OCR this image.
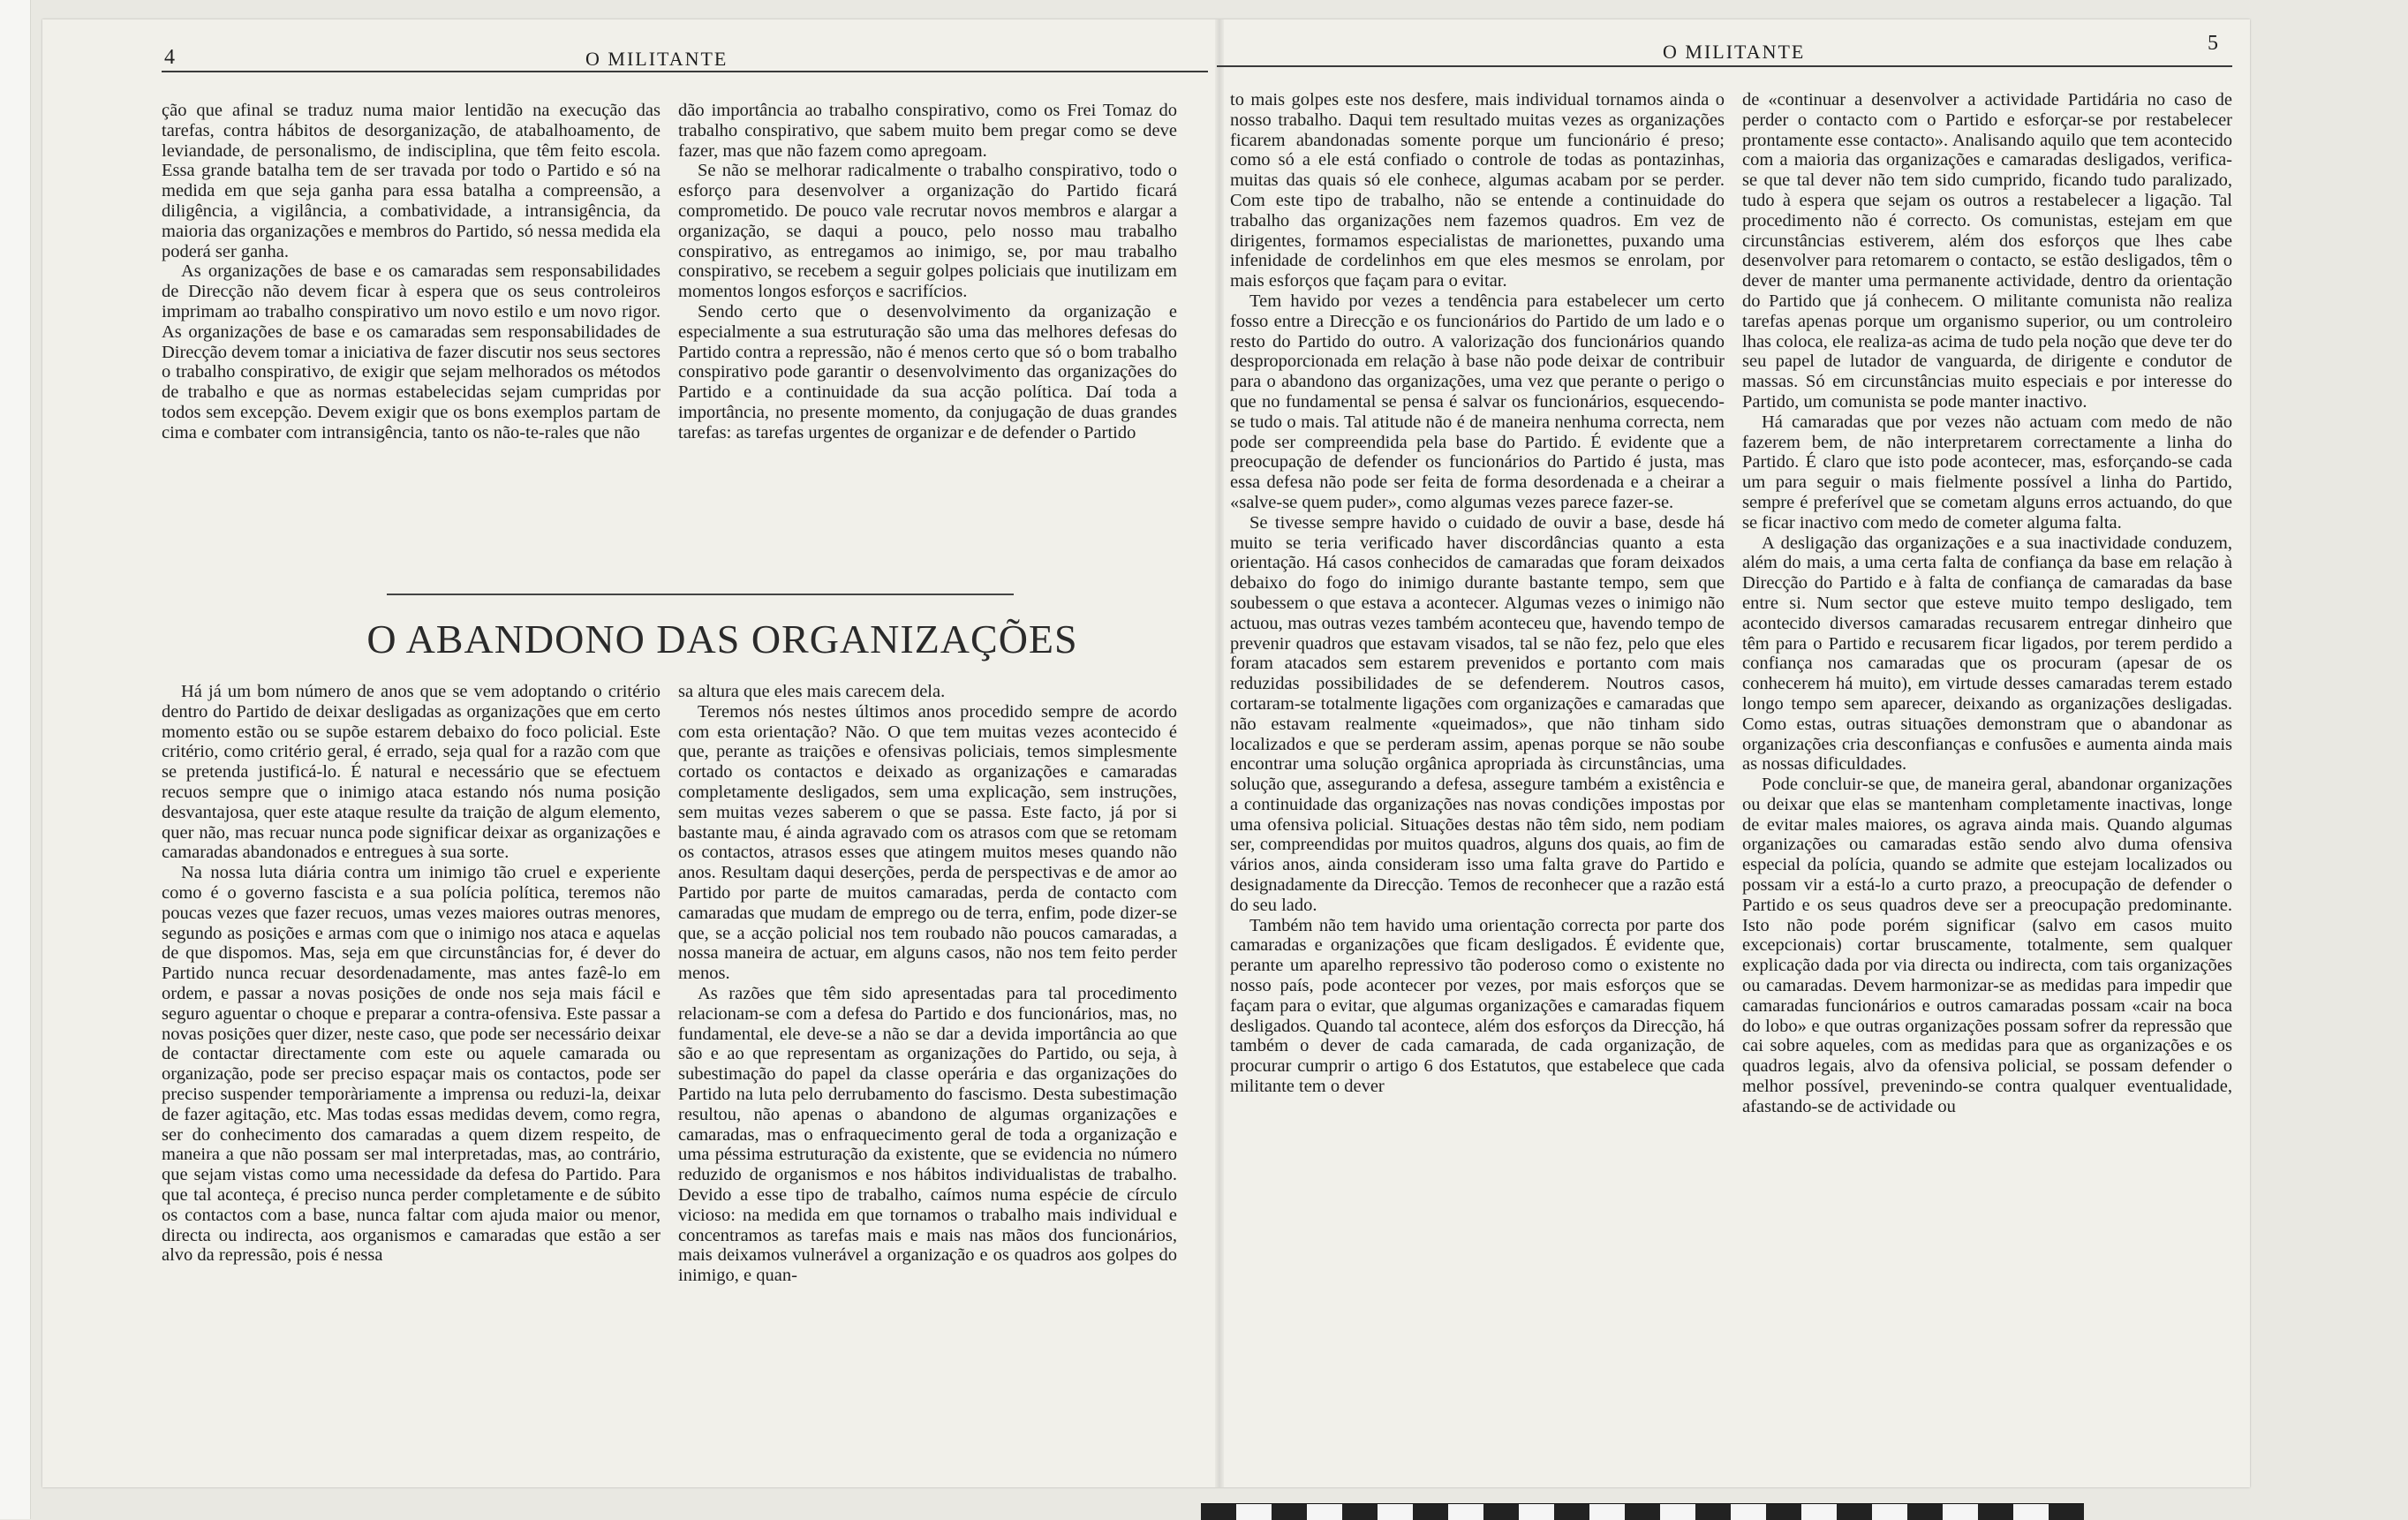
4	O MILITANTE	O MILITANTE	5

ção que afinal se traduz numa maior lentidão na execução das tarefas, contra hábitos de desorganização, de atabalhoamento, de leviandade, de personalismo, de indisciplina, que têm feito escola. Essa grande batalha tem de ser travada por todo o Partido e só na medida em que seja ganha para essa batalha a compreensão, a diligência, a vigilância, a combatividade, a intransigência, da maioria das organizações e membros do Partido, só nessa medida ela poderá ser ganha.

As organizações de base e os camaradas sem responsabilidades de Direcção não devem ficar à espera que os seus controleiros imprimam ao trabalho conspirativo um novo estilo e um novo rigor. As organizações de base e os camaradas sem responsabilidades de Direcção devem tomar a iniciativa de fazer discutir nos seus sectores o trabalho conspirativo, de exigir que sejam melhorados os métodos de trabalho e que as normas estabelecidas sejam cumpridas por todos sem excepção. Devem exigir que os bons exemplos partam de cima e combater com intransigência, tanto os não-te-rales que não

dão importância ao trabalho conspirativo, como os Frei Tomaz do trabalho conspirativo, que sabem muito bem pregar como se deve fazer, mas que não fazem como apregoam.

Se não se melhorar radicalmente o trabalho conspirativo, todo o esforço para desenvolver a organização do Partido ficará comprometido. De pouco vale recrutar novos membros e alargar a organização, se daqui a pouco, pelo nosso mau trabalho conspirativo, as entregamos ao inimigo, se, por mau trabalho conspirativo, se recebem a seguir golpes policiais que inutilizam em momentos longos esforços e sacrifícios.

Sendo certo que o desenvolvimento da organização e especialmente a sua estruturação são uma das melhores defesas do Partido contra a repressão, não é menos certo que só o bom trabalho conspirativo pode garantir o desenvolvimento das organizações do Partido e a continuidade da sua acção política. Daí toda a importância, no presente momento, da conjugação de duas grandes tarefas: as tarefas urgentes de organizar e de defender o Partido

O ABANDONO DAS ORGANIZAÇÕES

Há já um bom número de anos que se vem adoptando o critério dentro do Partido de deixar desligadas as organizações que em certo momento estão ou se supõe estarem debaixo do foco policial. Este critério, como critério geral, é errado, seja qual for a razão com que se pretenda justificá-lo. É natural e necessário que se efectuem recuos sempre que o inimigo ataca estando nós numa posição desvantajosa, quer este ataque resulte da traição de algum elemento, quer não, mas recuar nunca pode significar deixar as organizações e camaradas abandonados e entregues à sua sorte.

Na nossa luta diária contra um inimigo tão cruel e experiente como é o governo fascista e a sua polícia política, teremos não poucas vezes que fazer recuos, umas vezes maiores outras menores, segundo as posições e armas com que o inimigo nos ataca e aquelas de que dispomos. Mas, seja em que circunstâncias for, é dever do Partido nunca recuar desordenadamente, mas antes fazê-lo em ordem, e passar a novas posições de onde nos seja mais fácil e seguro aguentar o choque e preparar a contra-ofensiva. Este passar a novas posições quer dizer, neste caso, que pode ser necessário deixar de contactar directamente com este ou aquele camarada ou organização, pode ser preciso espaçar mais os contactos, pode ser preciso suspender temporàriamente a imprensa ou reduzi-la, deixar de fazer agitação, etc. Mas todas essas medidas devem, como regra, ser do conhecimento dos camaradas a quem dizem respeito, de maneira a que não possam ser mal interpretadas, mas, ao contrário, que sejam vistas como uma necessidade da defesa do Partido. Para que tal aconteça, é preciso nunca perder completamente e de súbito os contactos com a base, nunca faltar com ajuda maior ou menor, directa ou indirecta, aos organismos e camaradas que estão a ser alvo da repressão, pois é nessa

sa altura que eles mais carecem dela.

Teremos nós nestes últimos anos procedido sempre de acordo com esta orientação? Não. O que tem muitas vezes acontecido é que, perante as traições e ofensivas policiais, temos simplesmente cortado os contactos e deixado as organizações e camaradas completamente desligados, sem uma explicação, sem instruções, sem muitas vezes saberem o que se passa. Este facto, já por si bastante mau, é ainda agravado com os atrasos com que se retomam os contactos, atrasos esses que atingem muitos meses quando não anos. Resultam daqui deserções, perda de perspectivas e de amor ao Partido por parte de muitos camaradas, perda de contacto com camaradas que mudam de emprego ou de terra, enfim, pode dizer-se que, se a acção policial nos tem roubado não poucos camaradas, a nossa maneira de actuar, em alguns casos, não nos tem feito perder menos.

As razões que têm sido apresentadas para tal procedimento relacionam-se com a defesa do Partido e dos funcionários, mas, no fundamental, ele deve-se a não se dar a devida importância ao que são e ao que representam as organizações do Partido, ou seja, à subestimação do papel da classe operária e das organizações do Partido na luta pelo derrubamento do fascismo. Desta subestimação resultou, não apenas o abandono de algumas organizações e camaradas, mas o enfraquecimento geral de toda a organização e uma péssima estruturação da existente, que se evidencia no número reduzido de organismos e nos hábitos individualistas de trabalho. Devido a esse tipo de trabalho, caímos numa espécie de círculo vicioso: na medida em que tornamos o trabalho mais individual e concentramos as tarefas mais e mais nas mãos dos funcionários, mais deixamos vulnerável a organização e os quadros aos golpes do inimigo, e quan-

to mais golpes este nos desfere, mais individual tornamos ainda o nosso trabalho. Daqui tem resultado muitas vezes as organizações ficarem abandonadas somente porque um funcionário é preso; como só a ele está confiado o controle de todas as pontazinhas, muitas das quais só ele conhece, algumas acabam por se perder. Com este tipo de trabalho, não se entende a continuidade do trabalho das organizações nem fazemos quadros. Em vez de dirigentes, formamos especialistas de marionettes, puxando uma infenidade de cordelinhos em que eles mesmos se enrolam, por mais esforços que façam para o evitar.

Tem havido por vezes a tendência para estabelecer um certo fosso entre a Direcção e os funcionários do Partido de um lado e o resto do Partido do outro. A valorização dos funcionários quando desproporcionada em relação à base não pode deixar de contribuir para o abandono das organizações, uma vez que perante o perigo o que no fundamental se pensa é salvar os funcionários, esquecendo-se tudo o mais. Tal atitude não é de maneira nenhuma correcta, nem pode ser compreendida pela base do Partido. É evidente que a preocupação de defender os funcionários do Partido é justa, mas essa defesa não pode ser feita de forma desordenada e a cheirar a «salve-se quem puder», como algumas vezes parece fazer-se.

Se tivesse sempre havido o cuidado de ouvir a base, desde há muito se teria verificado haver discordâncias quanto a esta orientação. Há casos conhecidos de camaradas que foram deixados debaixo do fogo do inimigo durante bastante tempo, sem que soubessem o que estava a acontecer. Algumas vezes o inimigo não actuou, mas outras vezes também aconteceu que, havendo tempo de prevenir quadros que estavam visados, tal se não fez, pelo que eles foram atacados sem estarem prevenidos e portanto com mais reduzidas possibilidades de se defenderem. Noutros casos, cortaram-se totalmente ligações com organizações e camaradas que não estavam realmente «queimados», que não tinham sido localizados e que se perderam assim, apenas porque se não soube encontrar uma solução orgânica apropriada às circunstâncias, uma solução que, assegurando a defesa, assegure também a existência e a continuidade das organizações nas novas condições impostas por uma ofensiva policial. Situações destas não têm sido, nem podiam ser, compreendidas por muitos quadros, alguns dos quais, ao fim de vários anos, ainda consideram isso uma falta grave do Partido e designadamente da Direcção. Temos de reconhecer que a razão está do seu lado.

Também não tem havido uma orientação correcta por parte dos camaradas e organizações que ficam desligados. É evidente que, perante um aparelho repressivo tão poderoso como o existente no nosso país, pode acontecer por vezes, por mais esforços que se façam para o evitar, que algumas organizações e camaradas fiquem desligados. Quando tal acontece, além dos esforços da Direcção, há também o dever de cada camarada, de cada organização, de procurar cumprir o artigo 6 dos Estatutos, que estabelece que cada militante tem o dever

de «continuar a desenvolver a actividade Partidária no caso de perder o contacto com o Partido e esforçar-se por restabelecer prontamente esse contacto». Analisando aquilo que tem acontecido com a maioria das organizações e camaradas desligados, verifica-se que tal dever não tem sido cumprido, ficando tudo paralizado, tudo à espera que sejam os outros a restabelecer a ligação. Tal procedimento não é correcto. Os comunistas, estejam em que circunstâncias estiverem, além dos esforços que lhes cabe desenvolver para retomarem o contacto, se estão desligados, têm o dever de manter uma permanente actividade, dentro da orientação do Partido que já conhecem. O militante comunista não realiza tarefas apenas porque um organismo superior, ou um controleiro lhas coloca, ele realiza-as acima de tudo pela noção que deve ter do seu papel de lutador de vanguarda, de dirigente e condutor de massas. Só em circunstâncias muito especiais e por interesse do Partido, um comunista se pode manter inactivo.

Há camaradas que por vezes não actuam com medo de não fazerem bem, de não interpretarem correctamente a linha do Partido. É claro que isto pode acontecer, mas, esforçando-se cada um para seguir o mais fielmente possível a linha do Partido, sempre é preferível que se cometam alguns erros actuando, do que se ficar inactivo com medo de cometer alguma falta.

A desligação das organizações e a sua inactividade conduzem, além do mais, a uma certa falta de confiança da base em relação à Direcção do Partido e à falta de confiança de camaradas da base entre si. Num sector que esteve muito tempo desligado, tem acontecido diversos camaradas recusarem entregar dinheiro que têm para o Partido e recusarem ficar ligados, por terem perdido a confiança nos camaradas que os procuram (apesar de os conhecerem há muito), em virtude desses camaradas terem estado longo tempo sem aparecer, deixando as organizações desligadas. Como estas, outras situações demonstram que o abandonar as organizações cria desconfianças e confusões e aumenta ainda mais as nossas dificuldades.

Pode concluir-se que, de maneira geral, abandonar organizações ou deixar que elas se mantenham completamente inactivas, longe de evitar males maiores, os agrava ainda mais. Quando algumas organizações ou camaradas estão sendo alvo duma ofensiva especial da polícia, quando se admite que estejam localizados ou possam vir a está-lo a curto prazo, a preocupação de defender o Partido e os seus quadros deve ser a preocupação predominante. Isto não pode porém significar (salvo em casos muito excepcionais) cortar bruscamente, totalmente, sem qualquer explicação dada por via directa ou indirecta, com tais organizações ou camaradas. Devem harmonizar-se as medidas para impedir que camaradas funcionários e outros camaradas possam «cair na boca do lobo» e que outras organizações possam sofrer da repressão que cai sobre aqueles, com as medidas para que as organizações e os quadros legais, alvo da ofensiva policial, se possam defender o melhor possível, prevenindo-se contra qualquer eventualidade, afastando-se de actividade ou
